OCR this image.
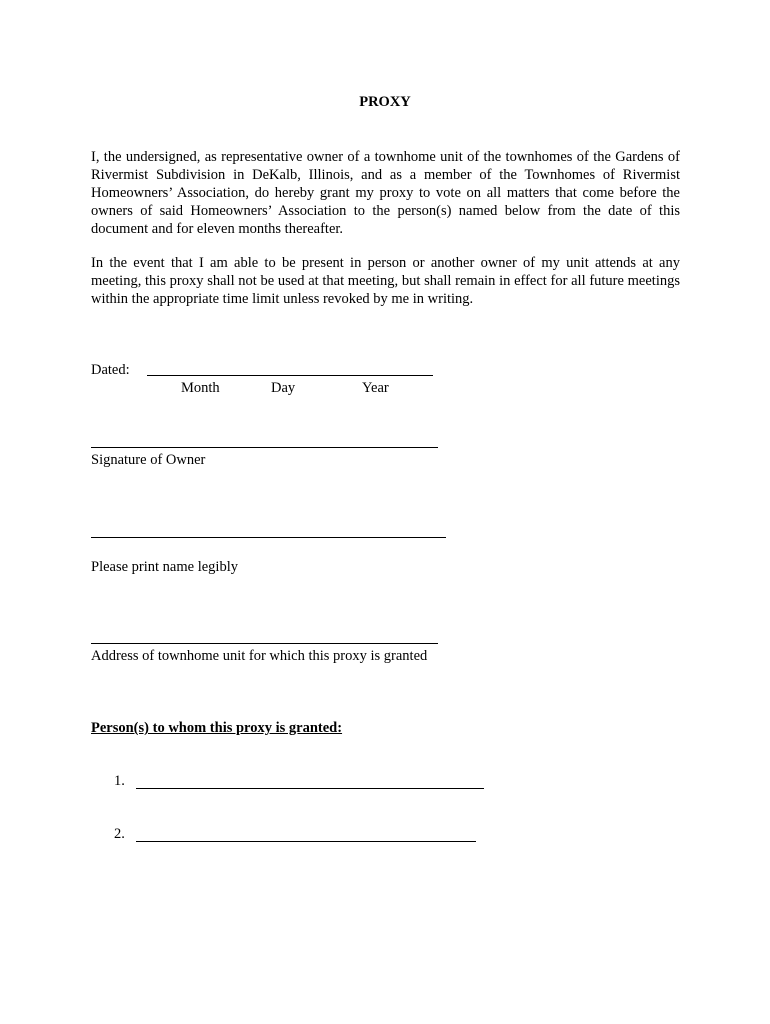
PROXY
I, the undersigned, as representative owner of a townhome unit of the townhomes of the Gardens of Rivermist Subdivision in DeKalb, Illinois, and as a member of the Townhomes of Rivermist Homeowners’ Association, do hereby grant my proxy to vote on all matters that come before the owners of said Homeowners’ Association to the person(s) named below from the date of this document and for eleven months thereafter.
In the event that I am able to be present in person or another owner of my unit attends at any meeting, this proxy shall not be used at that meeting, but shall remain in effect for all future meetings within the appropriate time limit unless revoked by me in writing.
Dated:
Month	Day	Year
Signature of Owner
Please print name legibly
Address of townhome unit for which this proxy is granted
Person(s) to whom this proxy is granted:
1.
2.
